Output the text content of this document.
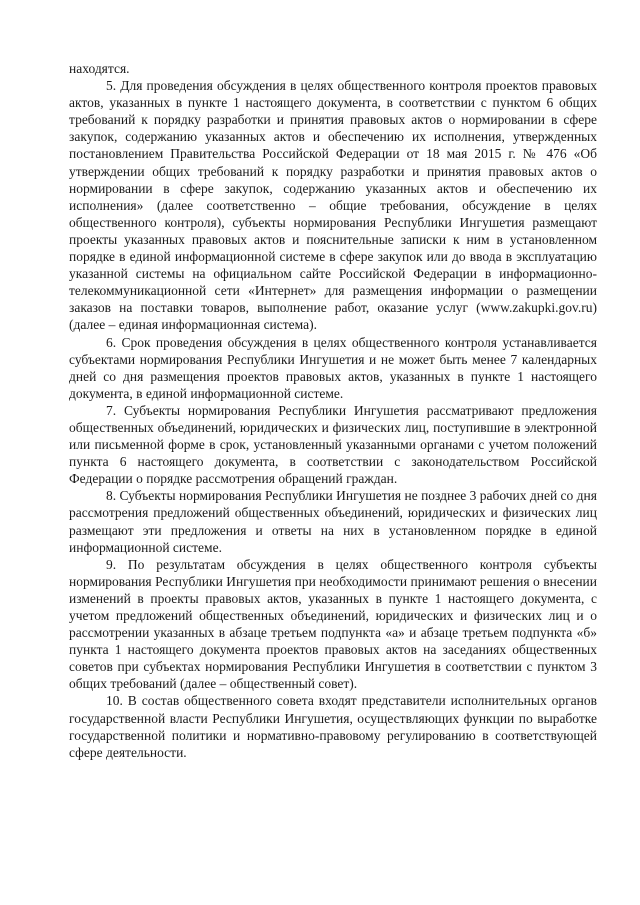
находятся.

5. Для проведения обсуждения в целях общественного контроля проектов правовых актов, указанных в пункте 1 настоящего документа, в соответствии с пунктом 6 общих требований к порядку разработки и принятия правовых актов о нормировании в сфере закупок, содержанию указанных актов и обеспечению их исполнения, утвержденных постановлением Правительства Российской Федерации от 18 мая 2015 г. № 476 «Об утверждении общих требований к порядку разработки и принятия правовых актов о нормировании в сфере закупок, содержанию указанных актов и обеспечению их исполнения» (далее соответственно – общие требования, обсуждение в целях общественного контроля), субъекты нормирования Республики Ингушетия размещают проекты указанных правовых актов и пояснительные записки к ним в установленном порядке в единой информационной системе в сфере закупок или до ввода в эксплуатацию указанной системы на официальном сайте Российской Федерации в информационно-телекоммуникационной сети «Интернет» для размещения информации о размещении заказов на поставки товаров, выполнение работ, оказание услуг (www.zakupki.gov.ru) (далее – единая информационная система).

6. Срок проведения обсуждения в целях общественного контроля устанавливается субъектами нормирования Республики Ингушетия и не может быть менее 7 календарных дней со дня размещения проектов правовых актов, указанных в пункте 1 настоящего документа, в единой информационной системе.

7. Субъекты нормирования Республики Ингушетия рассматривают предложения общественных объединений, юридических и физических лиц, поступившие в электронной или письменной форме в срок, установленный указанными органами с учетом положений пункта 6 настоящего документа, в соответствии с законодательством Российской Федерации о порядке рассмотрения обращений граждан.

8. Субъекты нормирования Республики Ингушетия не позднее 3 рабочих дней со дня рассмотрения предложений общественных объединений, юридических и физических лиц размещают эти предложения и ответы на них в установленном порядке в единой информационной системе.

9. По результатам обсуждения в целях общественного контроля субъекты нормирования Республики Ингушетия при необходимости принимают решения о внесении изменений в проекты правовых актов, указанных в пункте 1 настоящего документа, с учетом предложений общественных объединений, юридических и физических лиц и о рассмотрении указанных в абзаце третьем подпункта «а» и абзаце третьем подпункта «б» пункта 1 настоящего документа проектов правовых актов на заседаниях общественных советов при субъектах нормирования Республики Ингушетия в соответствии с пунктом 3 общих требований (далее – общественный совет).

10. В состав общественного совета входят представители исполнительных органов государственной власти Республики Ингушетия, осуществляющих функции по выработке государственной политики и нормативно-правовому регулированию в соответствующей сфере деятельности.
